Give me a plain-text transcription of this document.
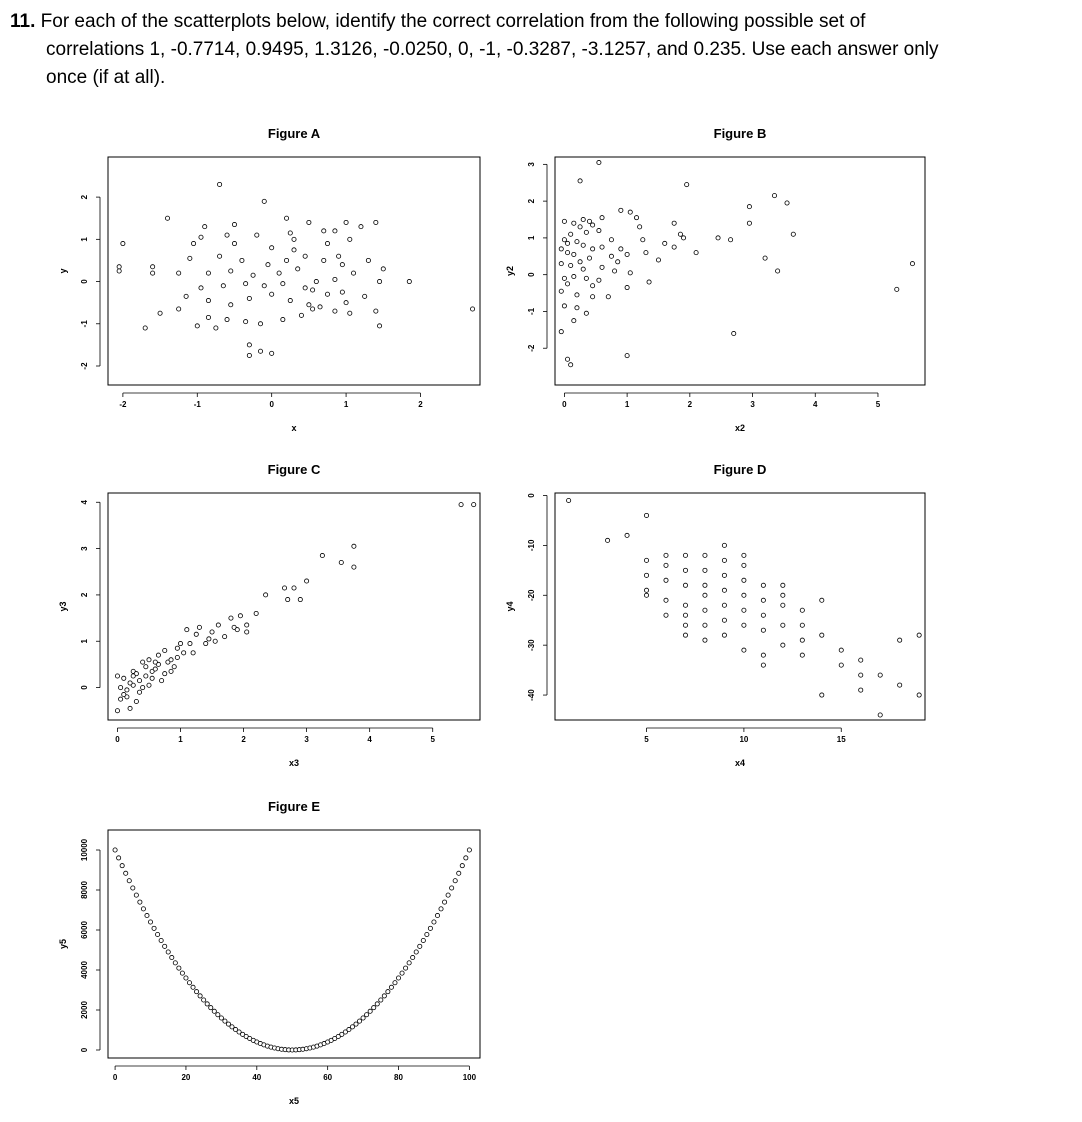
11. For each of the scatterplots below, identify the correct correlation from the following possible set of
correlations 1, -0.7714, 0.9495, 1.3126, -0.0250, 0, -1, -0.3287, -3.1257, and 0.235. Use each answer only
once (if at all).
Figure A
-2	-1	0	1	2
x
-2
-1
0
1
2
y
Figure B
0	1	2	3	4	5
x2
-2
-1
0
1
2
3
y2
Figure C
0	1	2	3	4	5
x3
0
1
2
3
4
y3
Figure D
5	10	15
x4
0
-10
-20
-30
-40
y4
Figure E
0	20	40	60	80	100
x5
0
2000
4000
6000
8000
10000
y5
